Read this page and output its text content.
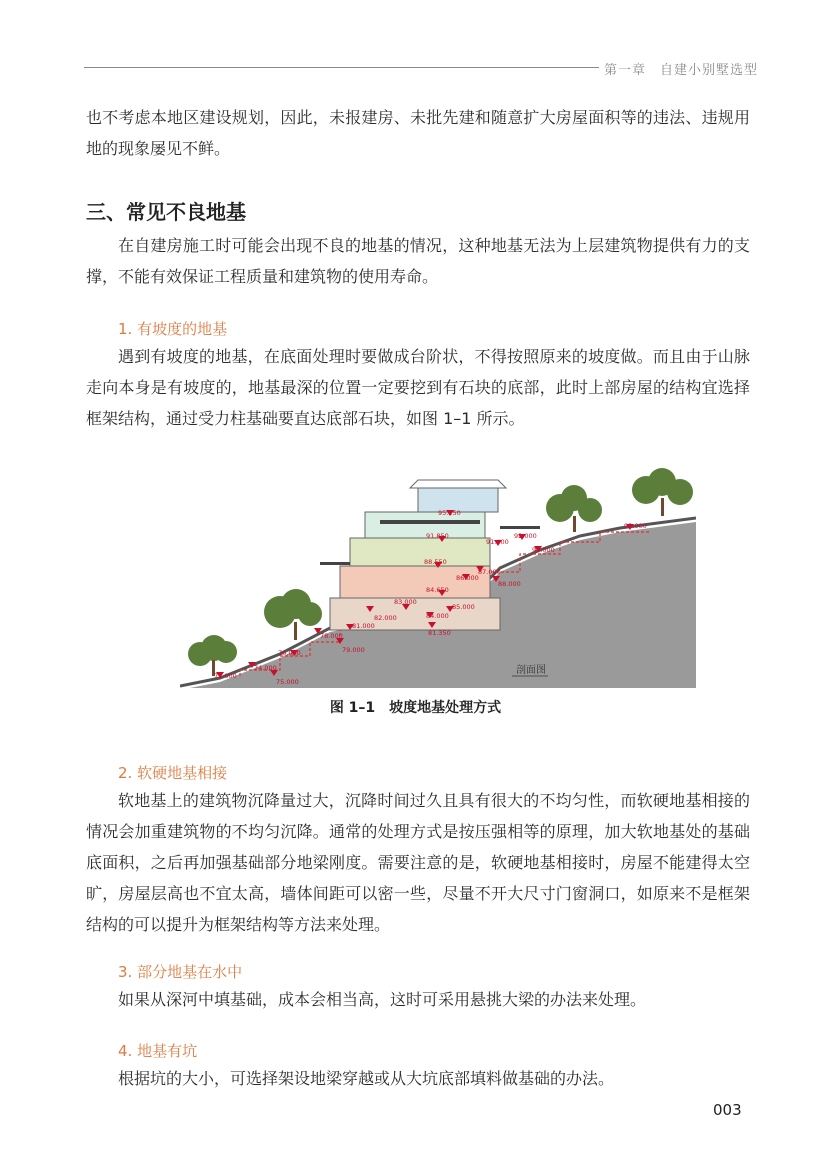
第一章　自建小别墅选型
也不考虑本地区建设规划，因此，未报建房、未批先建和随意扩大房屋面积等的违法、违规用地的现象屡见不鲜。
三、常见不良地基
在自建房施工时可能会出现不良的地基的情况，这种地基无法为上层建筑物提供有力的支撑，不能有效保证工程质量和建筑物的使用寿命。
1. 有坡度的地基
遇到有坡度的地基，在底面处理时要做成台阶状，不得按照原来的坡度做。而且由于山脉走向本身是有坡度的，地基最深的位置一定要挖到有石块的底部，此时上部房屋的结构宜选择框架结构，通过受力柱基础要直达底部石块，如图 1–1 所示。
95.150
91.850
88.550
84.650
85.000
84.000
83.000
82.000
81.000
81.350
79.000
78.000
76.000
75.000
74.000
73.000
86.000
87.000
88.000
91.400
92.000
90.000
93.000
剖面图
图 1–1　坡度地基处理方式
2. 软硬地基相接
软地基上的建筑物沉降量过大，沉降时间过久且具有很大的不均匀性，而软硬地基相接的情况会加重建筑物的不均匀沉降。通常的处理方式是按压强相等的原理，加大软地基处的基础底面积，之后再加强基础部分地梁刚度。需要注意的是，软硬地基相接时，房屋不能建得太空旷，房屋层高也不宜太高，墙体间距可以密一些，尽量不开大尺寸门窗洞口，如原来不是框架结构的可以提升为框架结构等方法来处理。
3. 部分地基在水中
如果从深河中填基础，成本会相当高，这时可采用悬挑大梁的办法来处理。
4. 地基有坑
根据坑的大小，可选择架设地梁穿越或从大坑底部填料做基础的办法。
003
